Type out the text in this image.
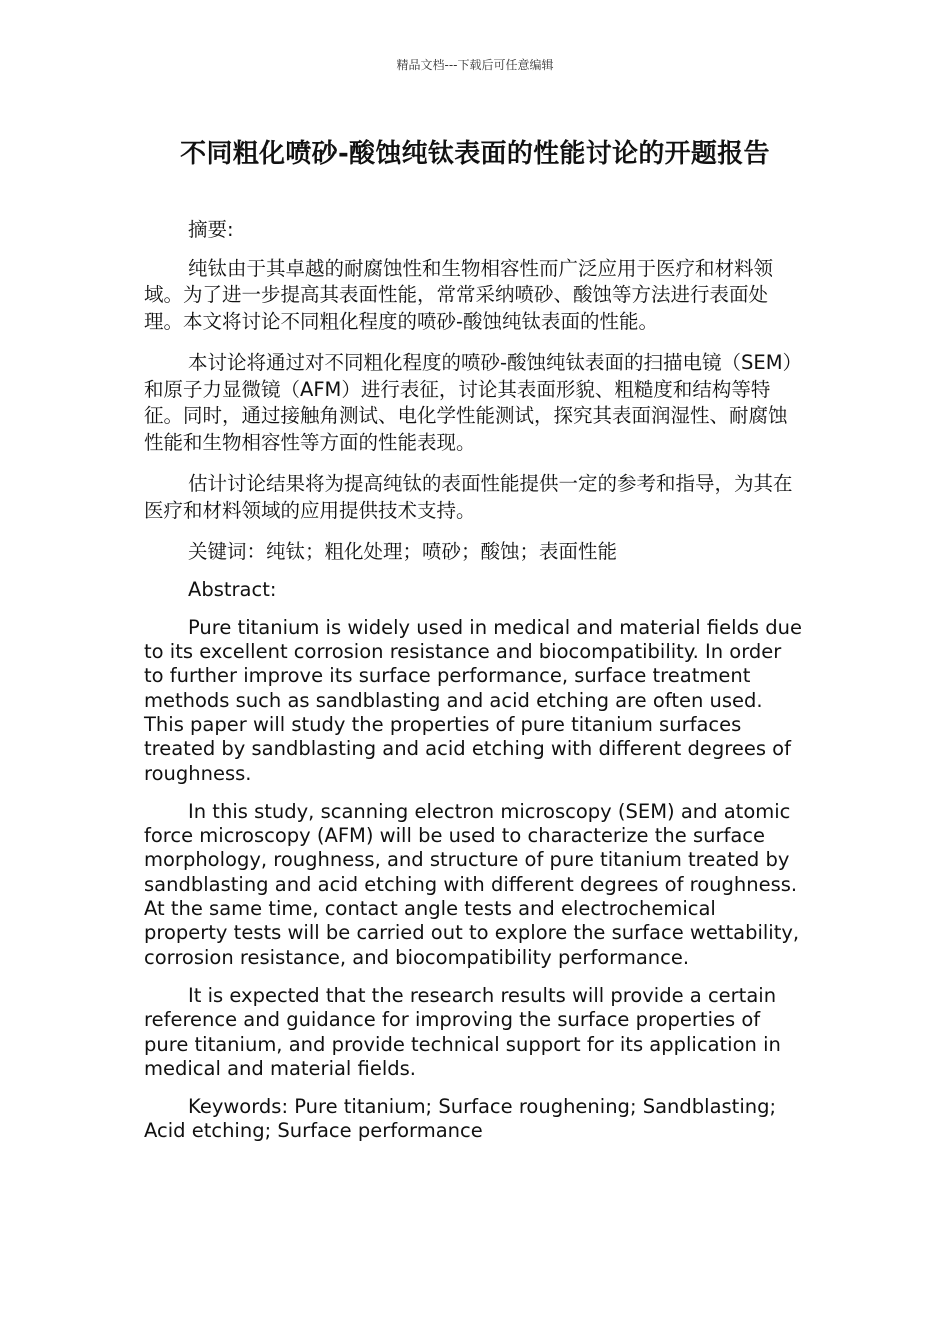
精品文档---下载后可任意编辑
不同粗化喷砂-酸蚀纯钛表面的性能讨论的开题报告

摘要:

纯钛由于其卓越的耐腐蚀性和生物相容性而广泛应用于医疗和材料领域。为了进一步提高其表面性能，常常采纳喷砂、酸蚀等方法进行表面处理。本文将讨论不同粗化程度的喷砂-酸蚀纯钛表面的性能。

本讨论将通过对不同粗化程度的喷砂-酸蚀纯钛表面的扫描电镜（SEM）和原子力显微镜（AFM）进行表征，讨论其表面形貌、粗糙度和结构等特征。同时，通过接触角测试、电化学性能测试，探究其表面润湿性、耐腐蚀性能和生物相容性等方面的性能表现。

估计讨论结果将为提高纯钛的表面性能提供一定的参考和指导，为其在医疗和材料领域的应用提供技术支持。

关键词：纯钛；粗化处理；喷砂；酸蚀；表面性能

Abstract:

Pure titanium is widely used in medical and material fields due to its excellent corrosion resistance and biocompatibility. In order to further improve its surface performance, surface treatment methods such as sandblasting and acid etching are often used. This paper will study the properties of pure titanium surfaces treated by sandblasting and acid etching with different degrees of roughness.

In this study, scanning electron microscopy (SEM) and atomic force microscopy (AFM) will be used to characterize the surface morphology, roughness, and structure of pure titanium treated by sandblasting and acid etching with different degrees of roughness. At the same time, contact angle tests and electrochemical property tests will be carried out to explore the surface wettability, corrosion resistance, and biocompatibility performance.

It is expected that the research results will provide a certain reference and guidance for improving the surface properties of pure titanium, and provide technical support for its application in medical and material fields.

Keywords: Pure titanium; Surface roughening; Sandblasting; Acid etching; Surface performance
